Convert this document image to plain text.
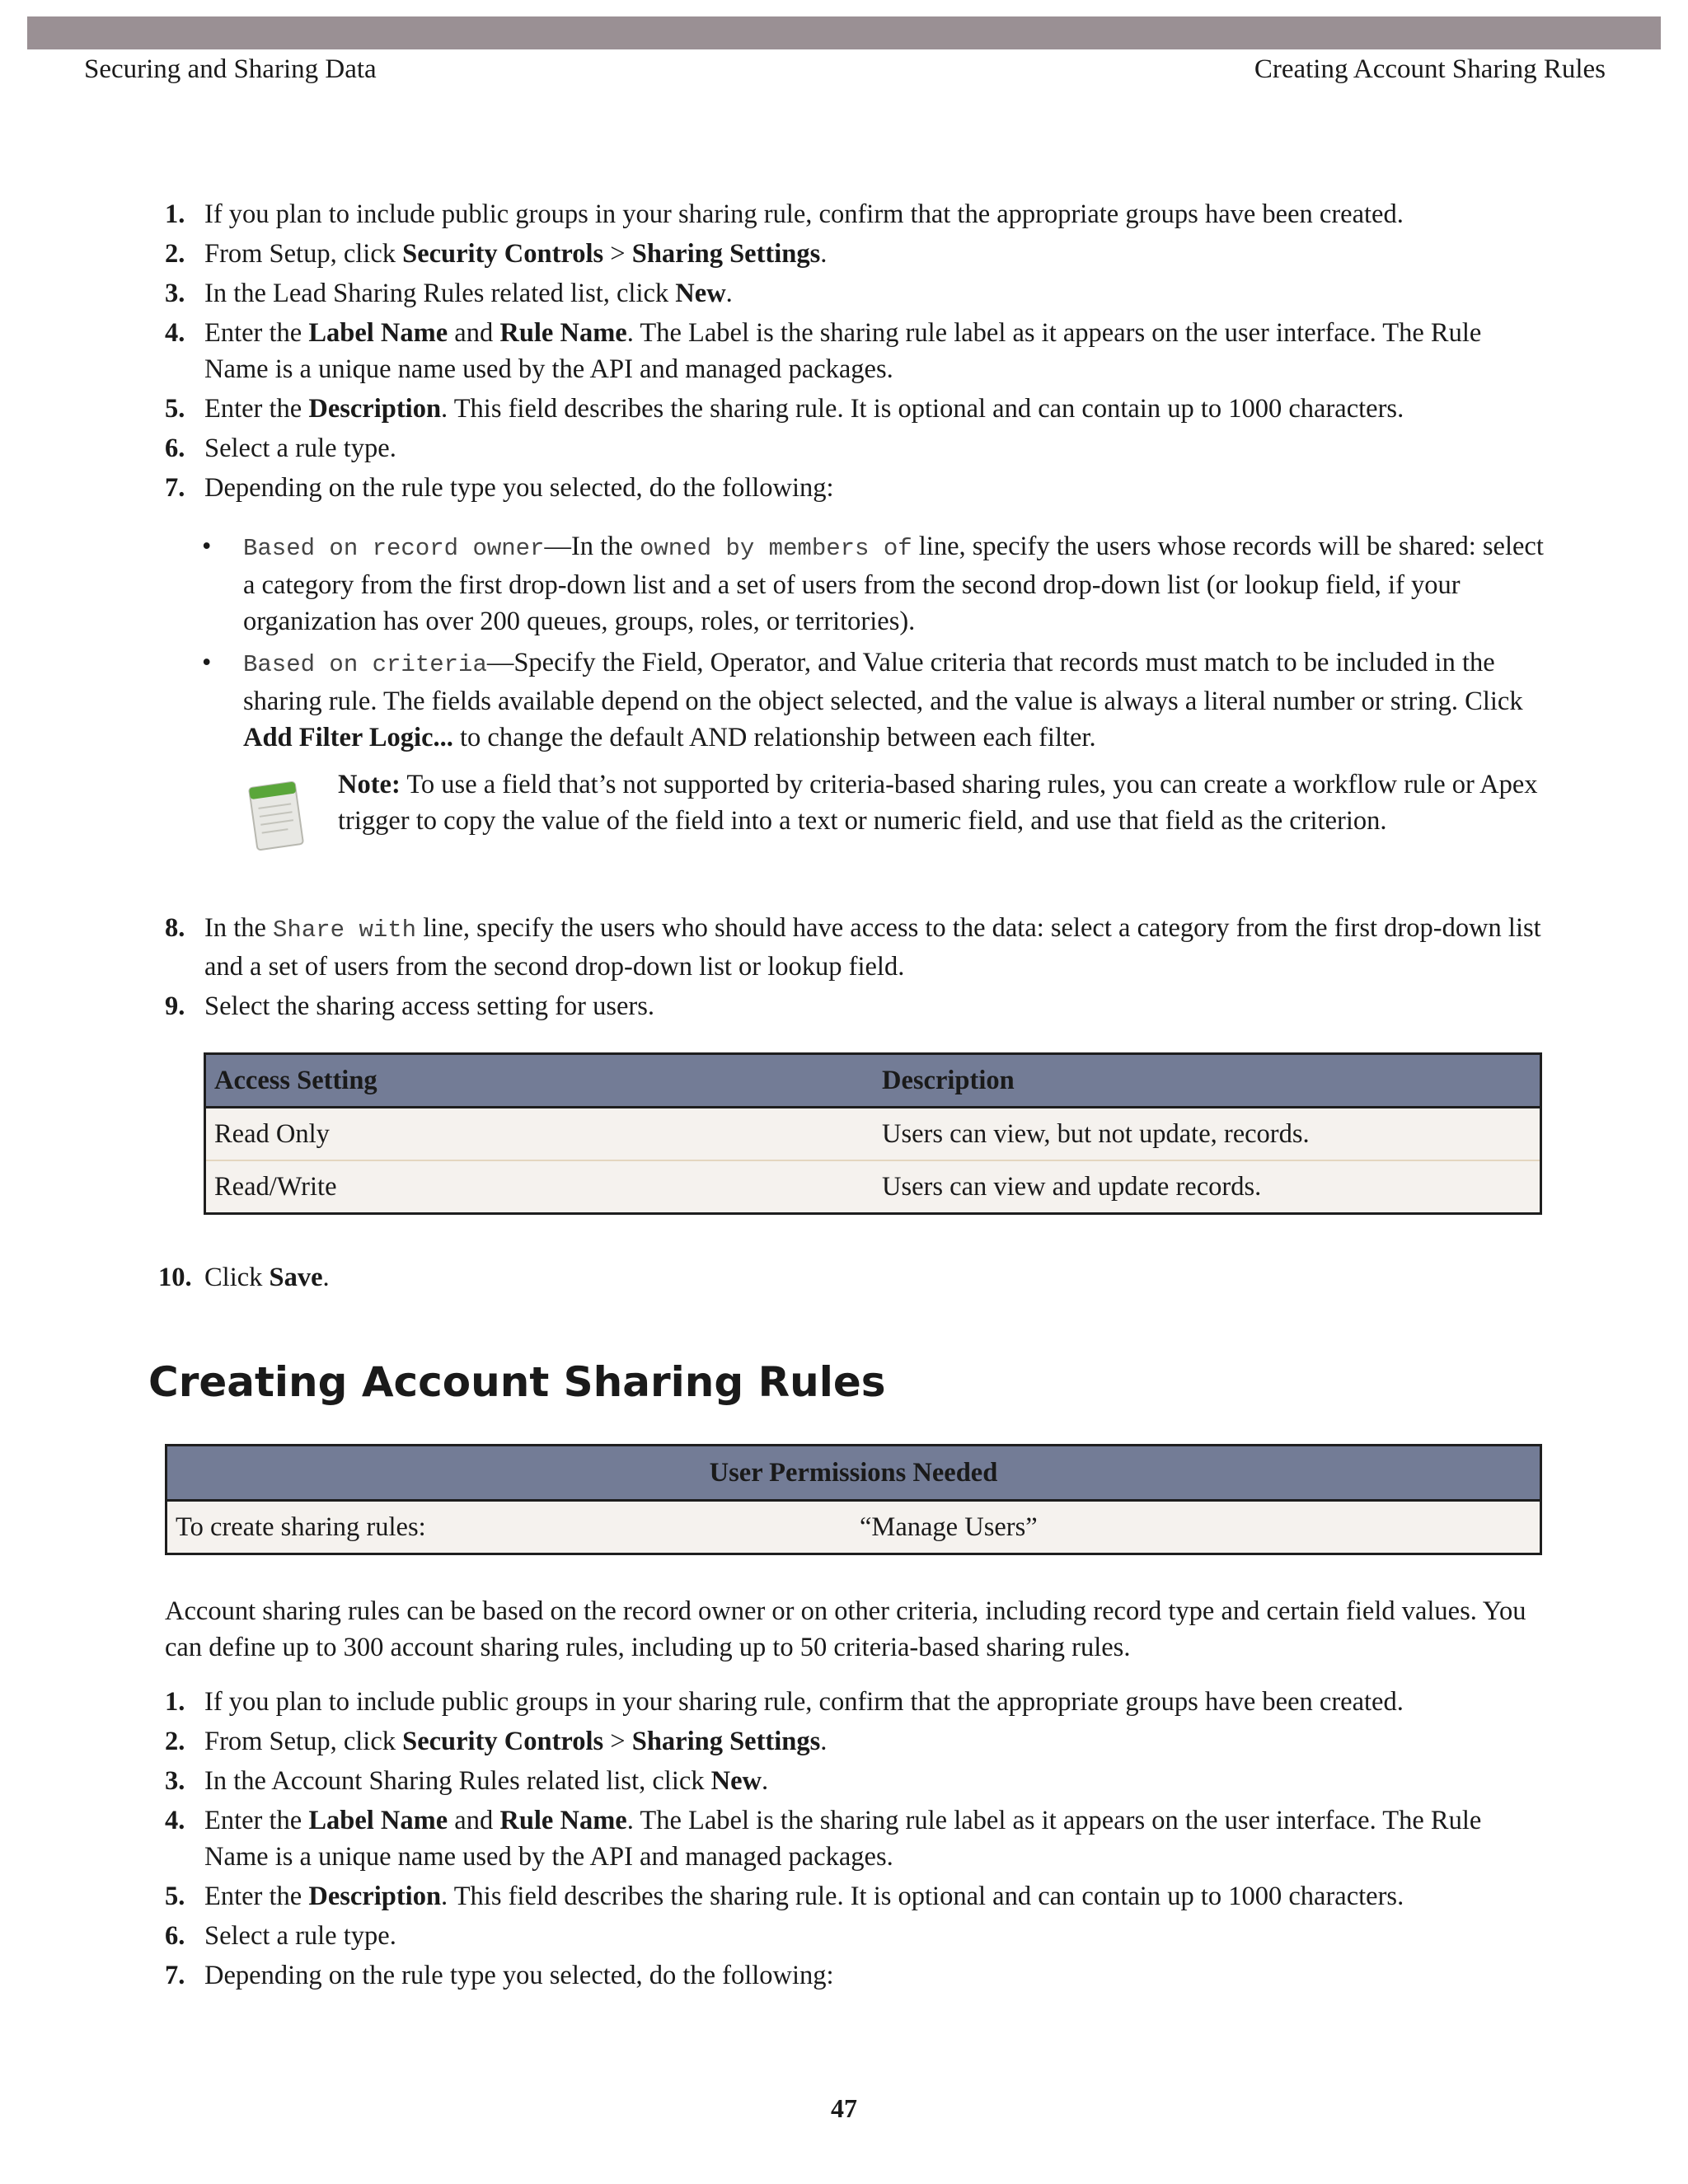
Securing and Sharing Data	Creating Account Sharing Rules
1. If you plan to include public groups in your sharing rule, confirm that the appropriate groups have been created.
2. From Setup, click Security Controls > Sharing Settings.
3. In the Lead Sharing Rules related list, click New.
4. Enter the Label Name and Rule Name. The Label is the sharing rule label as it appears on the user interface. The Rule Name is a unique name used by the API and managed packages.
5. Enter the Description. This field describes the sharing rule. It is optional and can contain up to 1000 characters.
6. Select a rule type.
7. Depending on the rule type you selected, do the following:
• Based on record owner—In the owned by members of line, specify the users whose records will be shared: select a category from the first drop-down list and a set of users from the second drop-down list (or lookup field, if your organization has over 200 queues, groups, roles, or territories).
• Based on criteria—Specify the Field, Operator, and Value criteria that records must match to be included in the sharing rule. The fields available depend on the object selected, and the value is always a literal number or string. Click Add Filter Logic... to change the default AND relationship between each filter.
Note: To use a field that’s not supported by criteria-based sharing rules, you can create a workflow rule or Apex trigger to copy the value of the field into a text or numeric field, and use that field as the criterion.
8. In the Share with line, specify the users who should have access to the data: select a category from the first drop-down list and a set of users from the second drop-down list or lookup field.
9. Select the sharing access setting for users.
Access Setting	Description
Read Only	Users can view, but not update, records.
Read/Write	Users can view and update records.
10. Click Save.
Creating Account Sharing Rules
User Permissions Needed
To create sharing rules:	“Manage Users”

Account sharing rules can be based on the record owner or on other criteria, including record type and certain field values. You can define up to 300 account sharing rules, including up to 50 criteria-based sharing rules.

1. If you plan to include public groups in your sharing rule, confirm that the appropriate groups have been created.
2. From Setup, click Security Controls > Sharing Settings.
3. In the Account Sharing Rules related list, click New.
4. Enter the Label Name and Rule Name. The Label is the sharing rule label as it appears on the user interface. The Rule Name is a unique name used by the API and managed packages.
5. Enter the Description. This field describes the sharing rule. It is optional and can contain up to 1000 characters.
6. Select a rule type.
7. Depending on the rule type you selected, do the following:
47
